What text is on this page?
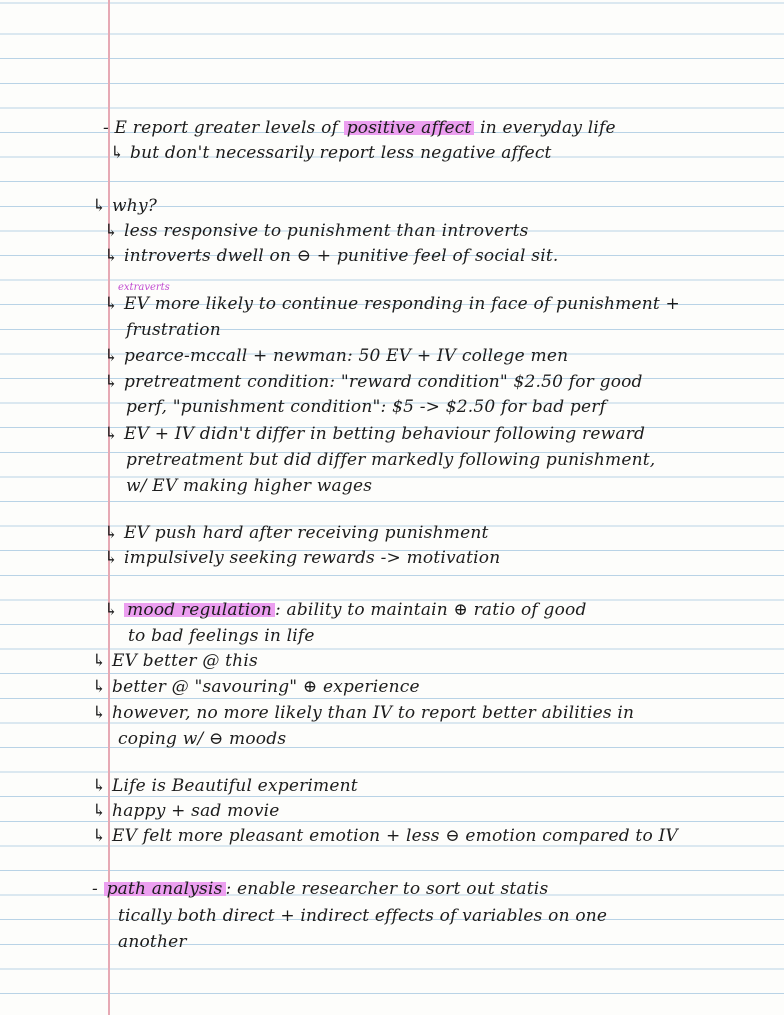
- E report greater levels of positive affect in everyday life
↳ but don't necessarily report less negative affect
↳ why?
↳ less responsive to punishment than introverts
↳ introverts dwell on ⊖ + punitive feel of social sit.
extraverts
↳ EV more likely to continue responding in face of punishment +
frustration
↳ pearce-mccall + newman: 50 EV + IV college men
↳ pretreatment condition: "reward condition" $2.50 for good
perf, "punishment condition": $5 -> $2.50 for bad perf
↳ EV + IV didn't differ in betting behaviour following reward
pretreatment but did differ markedly following punishment,
w/ EV making higher wages
↳ EV push hard after receiving punishment
↳ impulsively seeking rewards -> motivation
↳ mood regulation : ability to maintain ⊕ ratio of good
to bad feelings in life
↳ EV better @ this
↳ better @ "savouring" ⊕ experience
↳ however, no more likely than IV to report better abilities in
coping w/ ⊖ moods
↳ Life is Beautiful experiment
↳ happy + sad movie
↳ EV felt more pleasant emotion + less ⊖ emotion compared to IV
- path analysis : enable researcher to sort out statis
tically both direct + indirect effects of variables on one
another
